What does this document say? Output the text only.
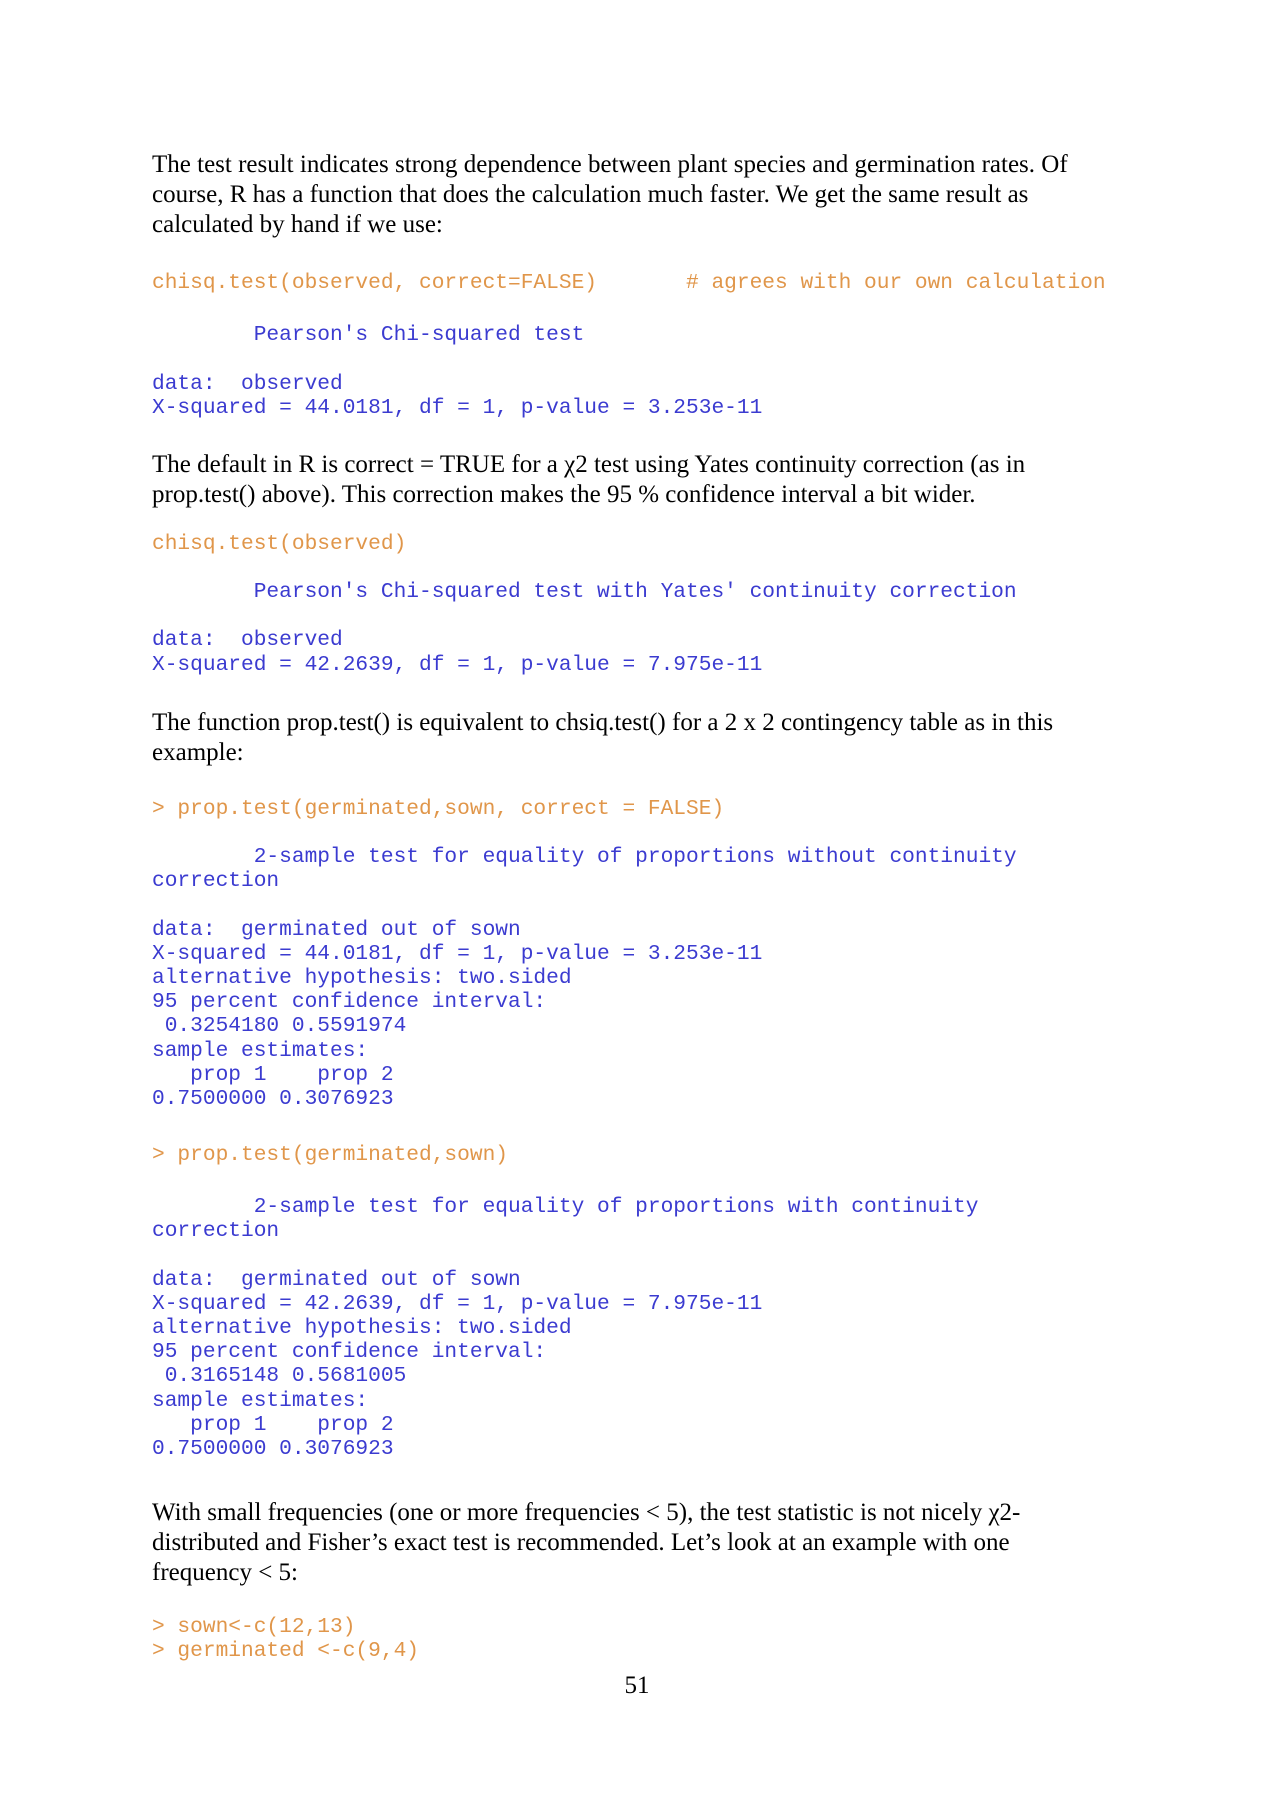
The test result indicates strong dependence between plant species and germination rates. Of course, R has a function that does the calculation much faster. We get the same result as calculated by hand if we use:
chisq.test(observed, correct=FALSE)       # agrees with our own calculation

Pearson's Chi-squared test

data:  observed
X-squared = 44.0181, df = 1, p-value = 3.253e-11
The default in R is correct = TRUE for a χ2 test using Yates continuity correction (as in prop.test() above). This correction makes the 95 % confidence interval a bit wider.
chisq.test(observed)
Pearson's Chi-squared test with Yates' continuity correction

data:  observed
X-squared = 42.2639, df = 1, p-value = 7.975e-11
The function prop.test() is equivalent to chsiq.test() for a 2 x 2 contingency table as in this example:
> prop.test(germinated,sown, correct = FALSE)
2-sample test for equality of proportions without continuity
correction

data:  germinated out of sown
X-squared = 44.0181, df = 1, p-value = 3.253e-11
alternative hypothesis: two.sided
95 percent confidence interval:
0.3254180 0.5591974
sample estimates:
prop 1    prop 2
0.7500000 0.3076923
> prop.test(germinated,sown)
2-sample test for equality of proportions with continuity
correction

data:  germinated out of sown
X-squared = 42.2639, df = 1, p-value = 7.975e-11
alternative hypothesis: two.sided
95 percent confidence interval:
0.3165148 0.5681005
sample estimates:
prop 1    prop 2
0.7500000 0.3076923
With small frequencies (one or more frequencies < 5), the test statistic is not nicely χ2-distributed and Fisher’s exact test is recommended. Let’s look at an example with one frequency < 5:
> sown<-c(12,13)
> germinated <-c(9,4)
51
